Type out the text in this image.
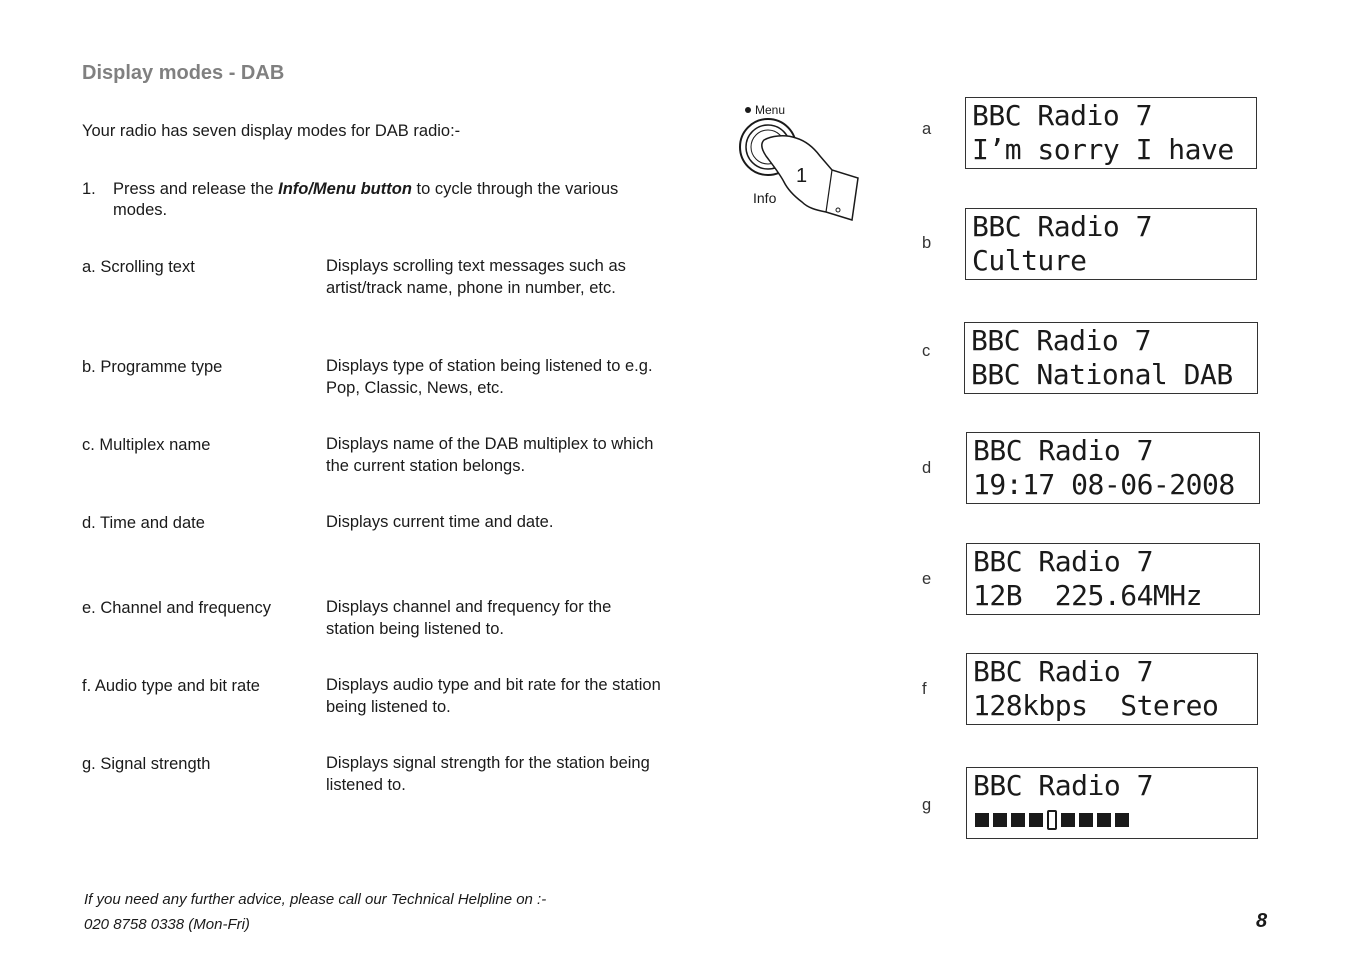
Display modes - DAB
Your radio has seven display modes for DAB radio:-
1. Press and release the Info/Menu button to cycle through the various modes.
a. Scrolling text	Displays scrolling text messages such as artist/track name, phone in number, etc.
b. Programme type	Displays type of station being listened to e.g. Pop, Classic, News, etc.
c. Multiplex name	Displays name of the DAB multiplex to which the current station belongs.
d. Time and date	Displays current time and date.
e. Channel and frequency	Displays channel and frequency for the station being listened to.
f. Audio type and bit rate	Displays audio type and bit rate for the station being listened to.
g. Signal strength	Displays signal strength for the station being listened to.
If you need any further advice, please call our Technical Helpline on :-
020 8758 0338 (Mon-Fri)	8
Menu
1
Info
a BBC Radio 7
I’m sorry I have
b BBC Radio 7
Culture
c BBC Radio 7
BBC National DAB
d
BBC Radio 7
19:17 08-06-2008
e
BBC Radio 7
12B  225.64MHz
f
BBC Radio 7
128kbps  Stereo
g
BBC Radio 7
